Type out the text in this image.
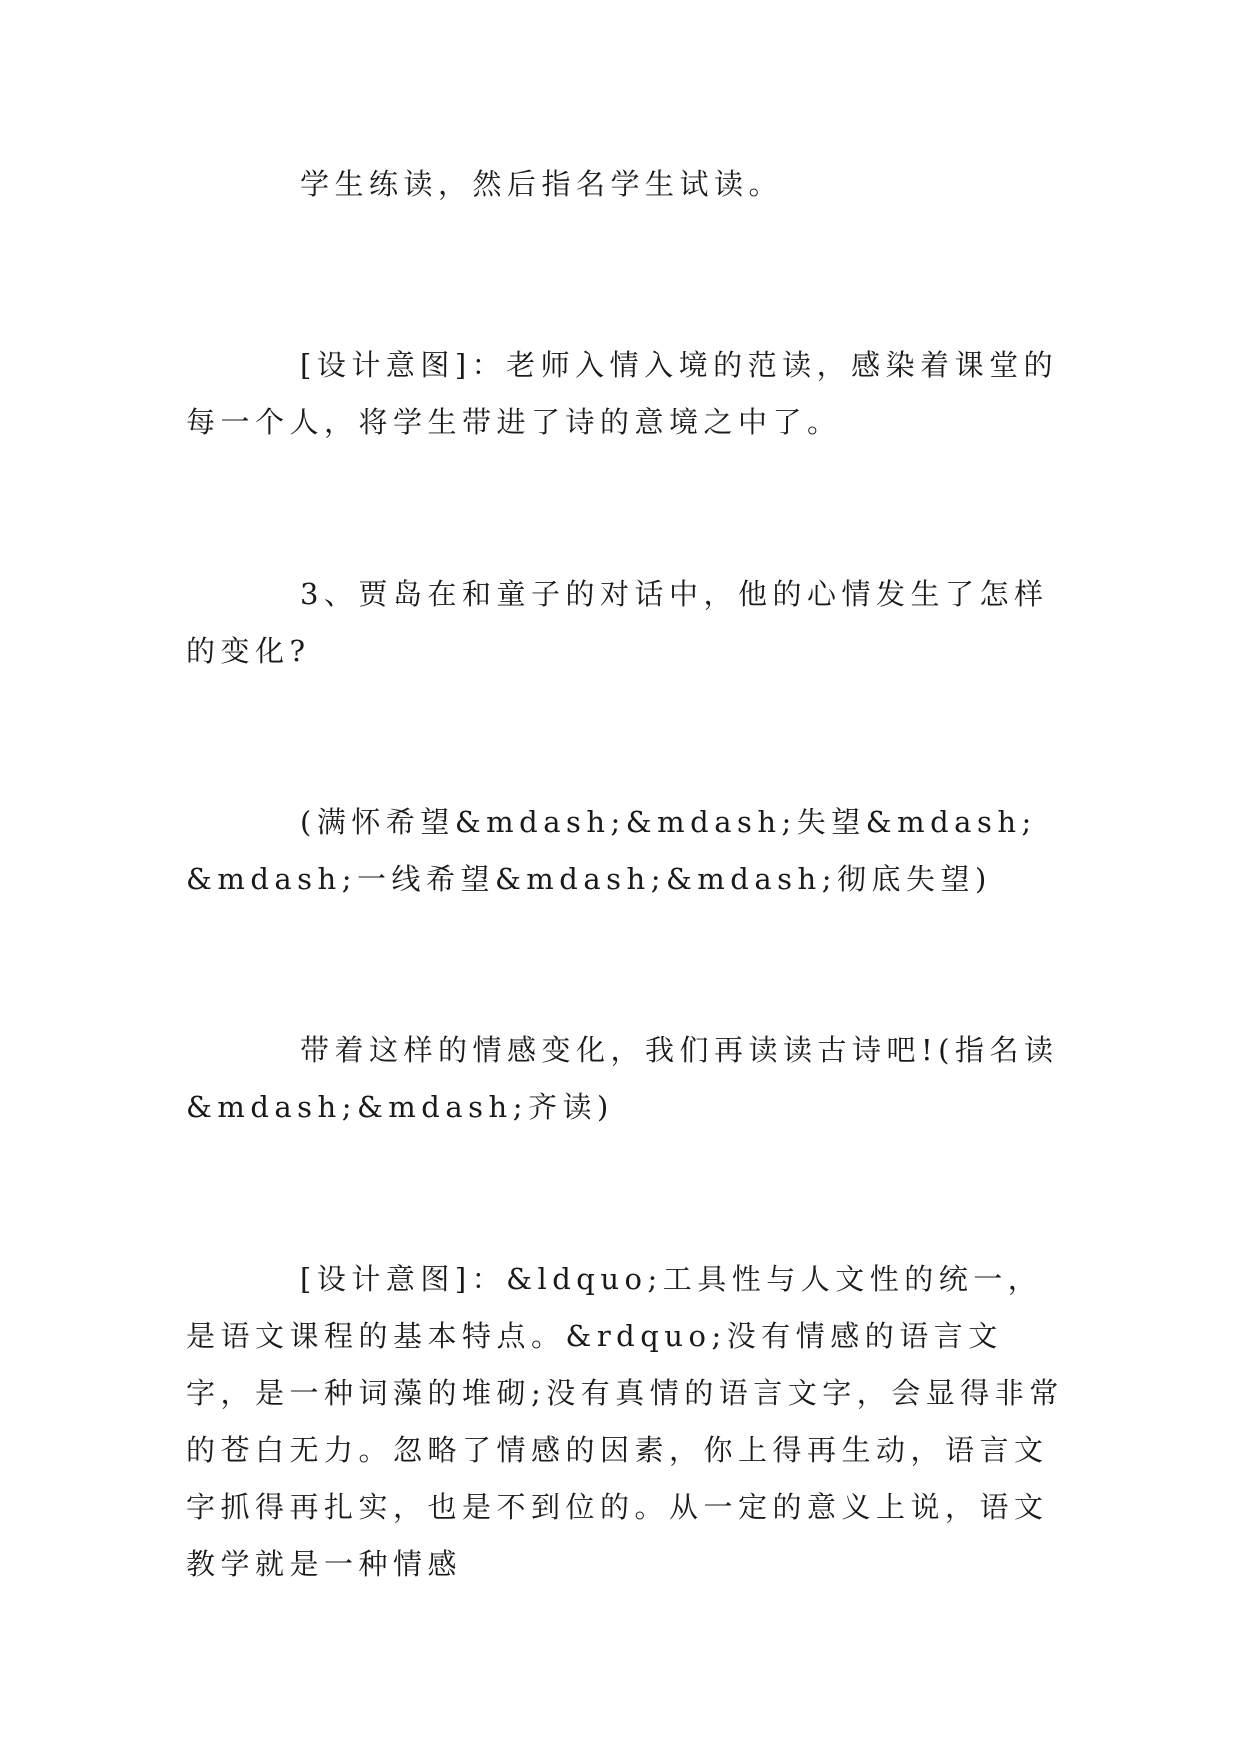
学生练读，然后指名学生试读。

[设计意图]：老师入情入境的范读，感染着课堂的每一个人，将学生带进了诗的意境之中了。

3、贾岛在和童子的对话中，他的心情发生了怎样的变化?

(满怀希望&mdash;&mdash;失望&mdash;&mdash;一线希望&mdash;&mdash;彻底失望)

带着这样的情感变化，我们再读读古诗吧!(指名读&mdash;&mdash;齐读)

[设计意图]：&ldquo;工具性与人文性的统一，是语文课程的基本特点。&rdquo;没有情感的语言文字，是一种词藻的堆砌;没有真情的语言文字，会显得非常的苍白无力。忽略了情感的因素，你上得再生动，语言文字抓得再扎实，也是不到位的。从一定的意义上说，语文教学就是一种情感
